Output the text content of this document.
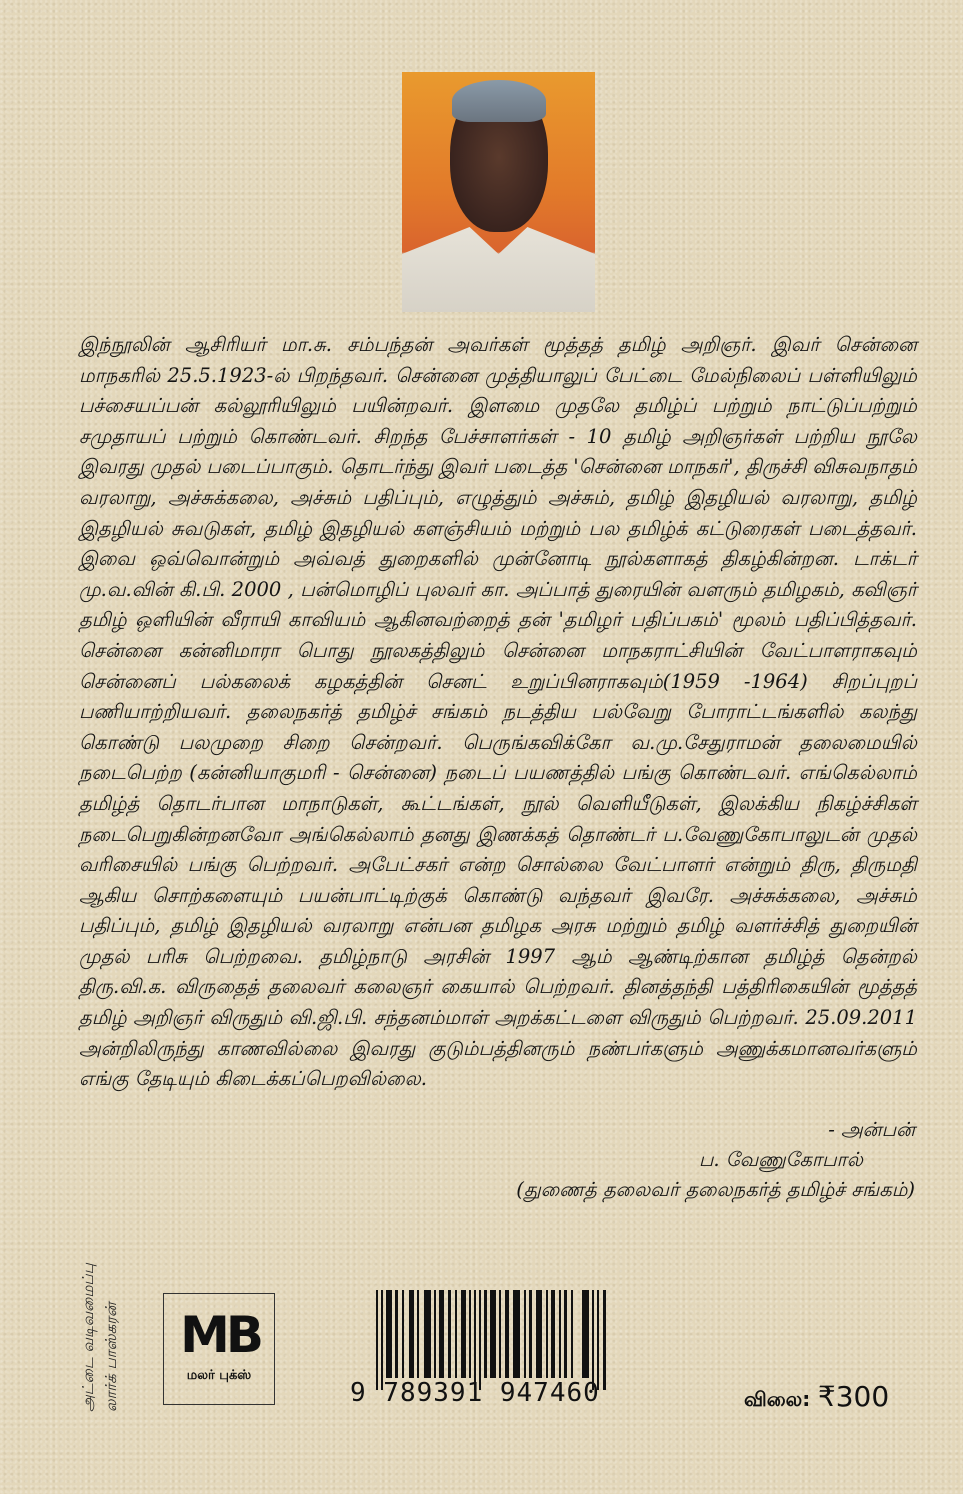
இந்நூலின் ஆசிரியர் மா.சு. சம்பந்தன் அவர்கள் மூத்தத் தமிழ் அறிஞர். இவர் சென்னை மாநகரில் 25.5.1923-ல் பிறந்தவர். சென்னை முத்தியாலுப் பேட்டை மேல்நிலைப் பள்ளியிலும் பச்சையப்பன் கல்லூரியிலும் பயின்றவர். இளமை முதலே தமிழ்ப் பற்றும் நாட்டுப்பற்றும் சமுதாயப் பற்றும் கொண்டவர். சிறந்த பேச்சாளர்கள் - 10 தமிழ் அறிஞர்கள் பற்றிய நூலே இவரது முதல் படைப்பாகும். தொடர்ந்து இவர் படைத்த 'சென்னை மாநகர்', திருச்சி விசுவநாதம் வரலாறு, அச்சுக்கலை, அச்சும் பதிப்பும், எழுத்தும் அச்சும், தமிழ் இதழியல் வரலாறு, தமிழ் இதழியல் சுவடுகள், தமிழ் இதழியல் களஞ்சியம் மற்றும் பல தமிழ்க் கட்டுரைகள் படைத்தவர். இவை ஒவ்வொன்றும் அவ்வத் துறைகளில் முன்னோடி நூல்களாகத் திகழ்கின்றன. டாக்டர் மு.வ.வின் கி.பி. 2000 , பன்மொழிப் புலவர் கா. அப்பாத் துரையின் வளரும் தமிழகம், கவிஞர் தமிழ் ஒளியின் வீராயி காவியம் ஆகினவற்றைத் தன் 'தமிழர் பதிப்பகம்' மூலம் பதிப்பித்தவர். சென்னை கன்னிமாரா பொது நூலகத்திலும் சென்னை மாநகராட்சியின் வேட்பாளராகவும் சென்னைப் பல்கலைக் கழகத்தின் செனட் உறுப்பினராகவும்(1959 -1964) சிறப்புறப் பணியாற்றியவர். தலைநகர்த் தமிழ்ச் சங்கம் நடத்திய பல்வேறு போராட்டங்களில் கலந்து கொண்டு பலமுறை சிறை சென்றவர். பெருங்கவிக்கோ வ.மு.சேதுராமன் தலைமையில் நடைபெற்ற (கன்னியாகுமரி - சென்னை) நடைப் பயணத்தில் பங்கு கொண்டவர். எங்கெல்லாம் தமிழ்த் தொடர்பான மாநாடுகள், கூட்டங்கள், நூல் வெளியீடுகள், இலக்கிய நிகழ்ச்சிகள் நடைபெறுகின்றனவோ அங்கெல்லாம் தனது இணக்கத் தொண்டர் ப.வேணுகோபாலுடன் முதல் வரிசையில் பங்கு பெற்றவர். அபேட்சகர் என்ற சொல்லை வேட்பாளர் என்றும் திரு, திருமதி ஆகிய சொற்களையும் பயன்பாட்டிற்குக் கொண்டு வந்தவர் இவரே. அச்சுக்கலை, அச்சும் பதிப்பும், தமிழ் இதழியல் வரலாறு என்பன தமிழக அரசு மற்றும் தமிழ் வளர்ச்சித் துறையின் முதல் பரிசு பெற்றவை. தமிழ்நாடு அரசின் 1997 ஆம் ஆண்டிற்கான தமிழ்த் தென்றல் திரு.வி.க. விருதைத் தலைவர் கலைஞர் கையால் பெற்றவர். தினத்தந்தி பத்திரிகையின் மூத்தத் தமிழ் அறிஞர் விருதும் வி.ஜி.பி. சந்தனம்மாள் அறக்கட்டளை விருதும் பெற்றவர். 25.09.2011 அன்றிலிருந்து காணவில்லை இவரது குடும்பத்தினரும் நண்பர்களும் அணுக்கமானவர்களும் எங்கு தேடியும் கிடைக்கப்பெறவில்லை.

- அன்பன்
ப. வேணுகோபால்
(துணைத் தலைவர் தலைநகர்த் தமிழ்ச் சங்கம்)
அட்டை வடிவமைப்பு லார்க் பாஸ்கரன் MB
மலர் புக்ஸ்
9 789391 947460	விலை: ₹300
